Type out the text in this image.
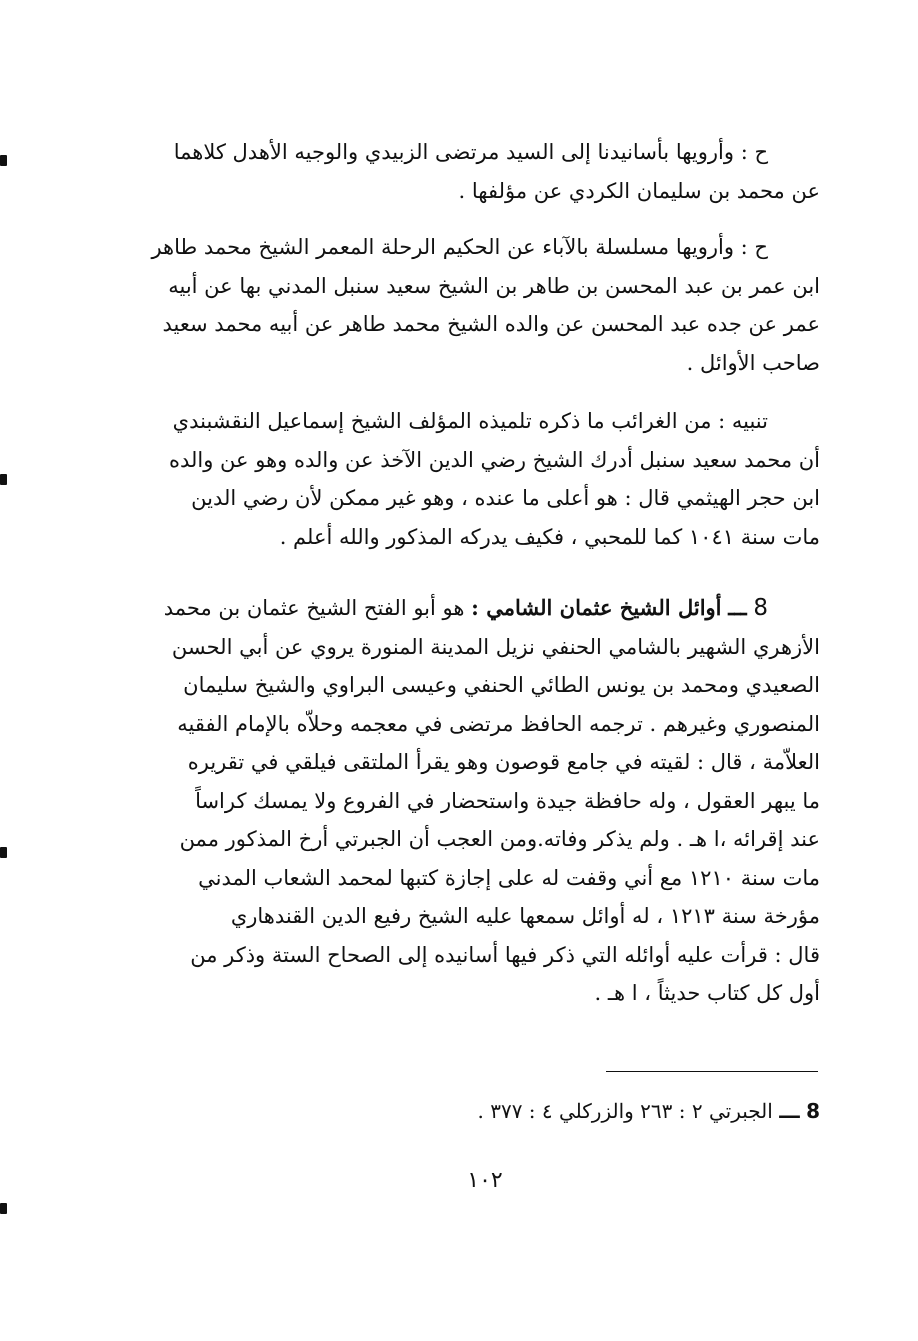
ح : وأرويها بأسانيدنا إلى السيد مرتضى الزبيدي والوجيه الأهدل كلاهما
عن محمد بن سليمان الكردي عن مؤلفها .
ح : وأرويها مسلسلة بالآباء عن الحكيم الرحلة المعمر الشيخ محمد طاهر
ابن عمر بن عبد المحسن بن طاهر بن الشيخ سعيد سنبل المدني بها عن أبيه
عمر عن جده عبد المحسن عن والده الشيخ محمد طاهر عن أبيه محمد سعيد
صاحب الأوائل .
تنبيه : من الغرائب ما ذكره تلميذه المؤلف الشيخ إسماعيل النقشبندي
أن محمد سعيد سنبل أدرك الشيخ رضي الدين الآخذ عن والده وهو عن والده
ابن حجر الهيثمي قال : هو أعلى ما عنده ، وهو غير ممكن لأن رضي الدين
مات سنة ١٠٤١ كما للمحبي ، فكيف يدركه المذكور والله أعلم .
8 ـــ أوائل الشيخ عثمان الشامي : هو أبو الفتح الشيخ عثمان بن محمد
الأزهري الشهير بالشامي الحنفي نزيل المدينة المنورة يروي عن أبي الحسن
الصعيدي ومحمد بن يونس الطائي الحنفي وعيسى البراوي والشيخ سليمان
المنصوري وغيرهم . ترجمه الحافظ مرتضى في معجمه وحلاّه بالإمام الفقيه
العلاّمة ، قال : لقيته في جامع قوصون وهو يقرأ الملتقى فيلقي في تقريره
ما يبهر العقول ، وله حافظة جيدة واستحضار في الفروع ولا يمسك كراساً
عند إقرائه ،ا هـ . ولم يذكر وفاته.ومن العجب أن الجبرتي أرخ المذكور ممن
مات سنة ١٢١٠ مع أني وقفت له على إجازة كتبها لمحمد الشعاب المدني
مؤرخة سنة ١٢١٣ ، له أوائل سمعها عليه الشيخ رفيع الدين القندهاري
قال : قرأت عليه أوائله التي ذكر فيها أسانيده إلى الصحاح الستة وذكر من
أول كل كتاب حديثاً ، ا هـ .
8 ـــ الجبرتي ٢ : ٢٦٣ والزركلي ٤ : ٣٧٧ .
١٠٢
